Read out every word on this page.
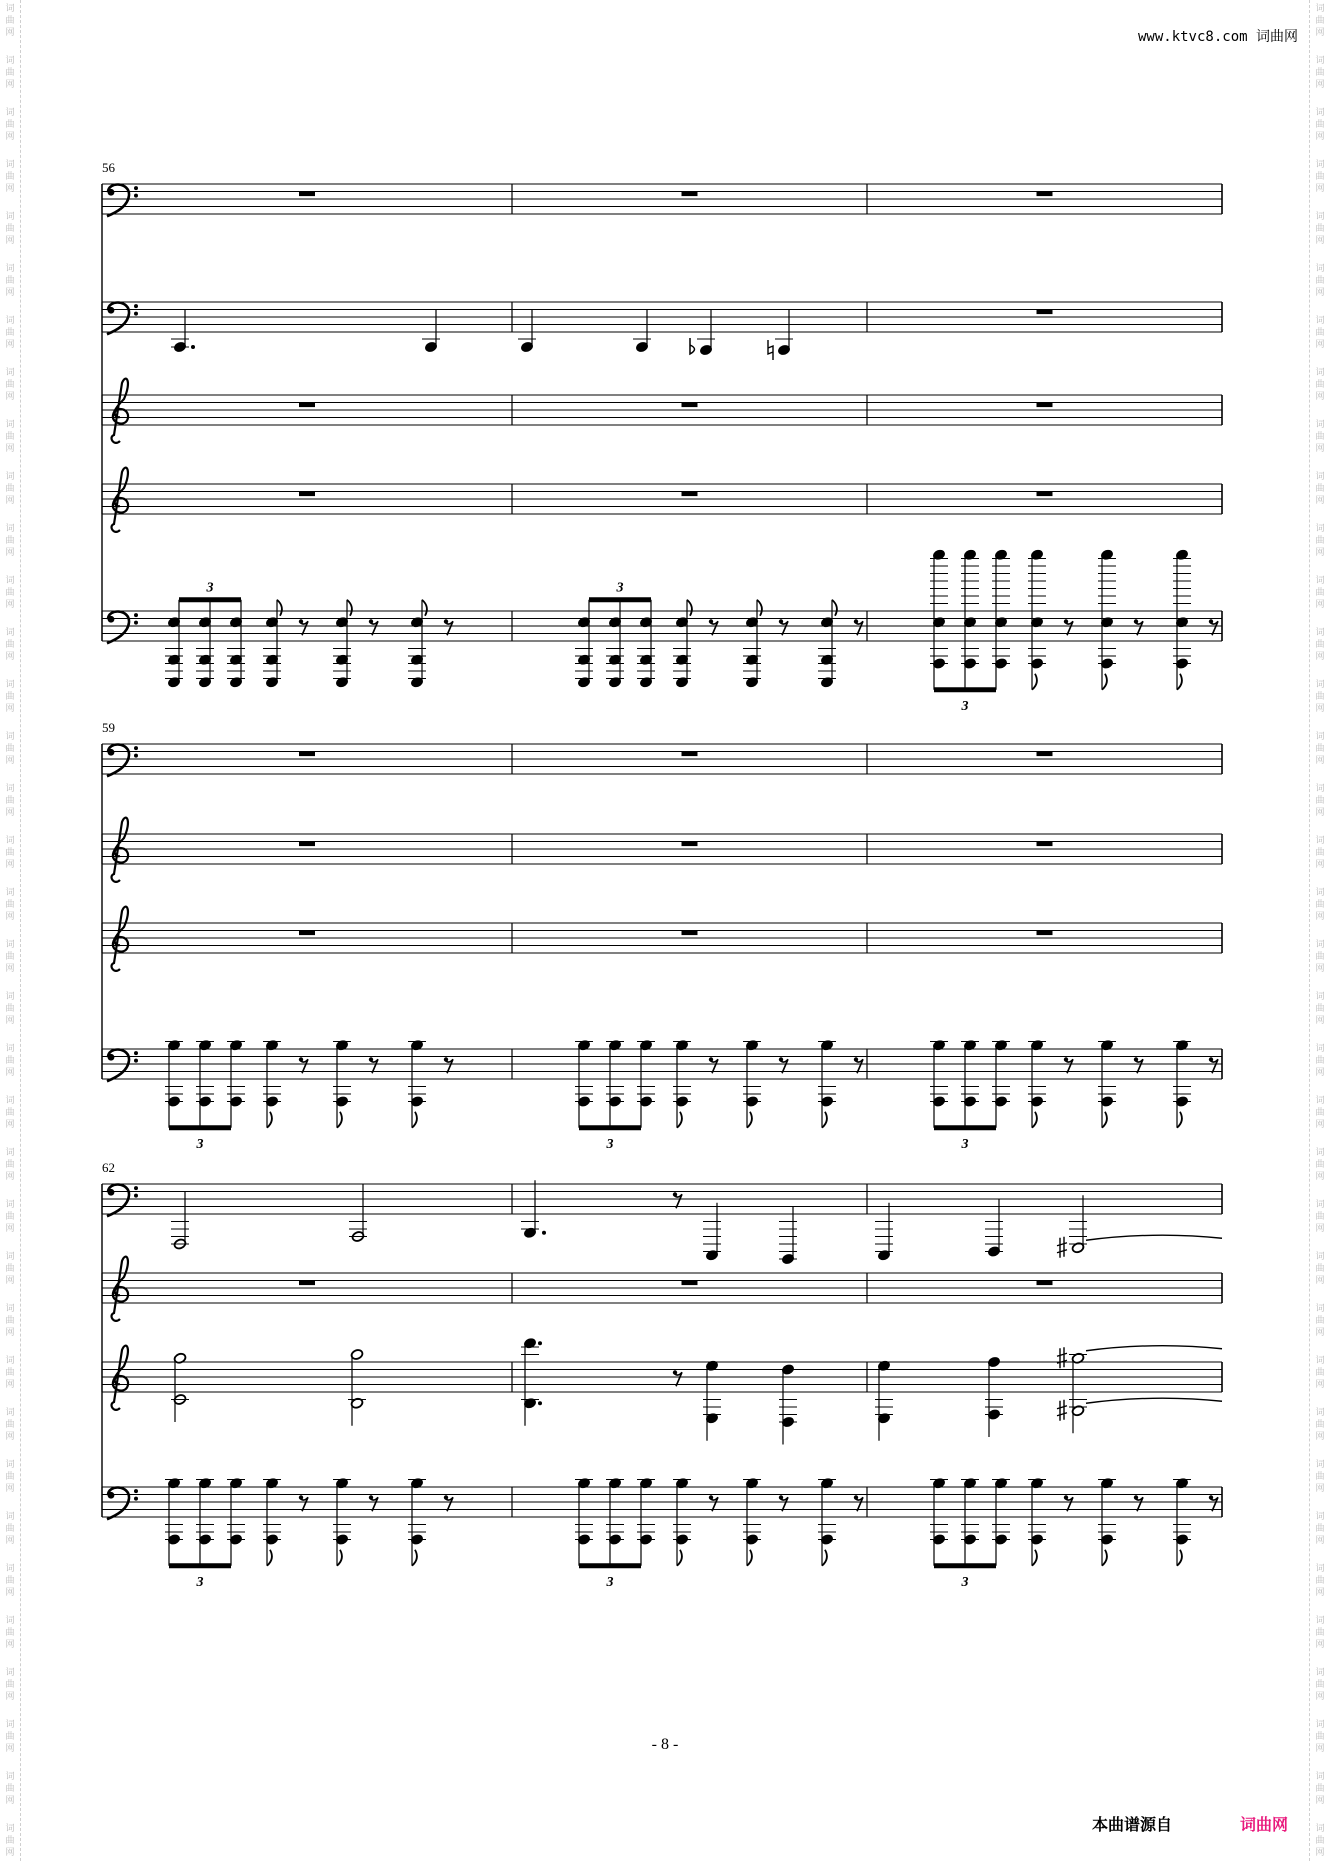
词
曲
网
词
曲
网
词
曲
网
词
曲
网
词
曲
网
词
曲
网
词
曲
网
词
曲
网
词
曲
网
词
曲
网
词
曲
网
词
曲
网
词
曲
网
词
曲
网
词
曲
网
词
曲
网
词
曲
网
词
曲
网
词
曲
网
词
曲
网
词
曲
网
词
曲
网
词
曲
网
词
曲
网
词
曲
网
词
曲
网
词
曲
网
词
曲
网
词
曲
网
词
曲
网
词
曲
网
词
曲
网
词
曲
网
词
曲
网
词
曲
网
词
曲
网
词
曲
网
词
曲
网
词
曲
网
词
曲
网
词
曲
网
词
曲
网
词
曲
网
词
曲
网
词
曲
网
词
曲
网
词
曲
网
词
曲
网
词
曲
网
词
曲
网
词
曲
网
词
曲
网
词
曲
网
词
曲
网
词
曲
网
词
曲
网
词
曲
网
词
曲
网
词
曲
网
词
曲
网
词
曲
网
词
曲
网
词
曲
网
词
曲
网
词
曲
网
词
曲
网
词
曲
网
词
曲
网
词
曲
网
词
曲
网
词
曲
网
词
曲
网
www.ktvc8.com 词曲网
56
3	3
3
59
3	3	3
62
3	3	3
- 8 -
本曲谱源自	词曲网
